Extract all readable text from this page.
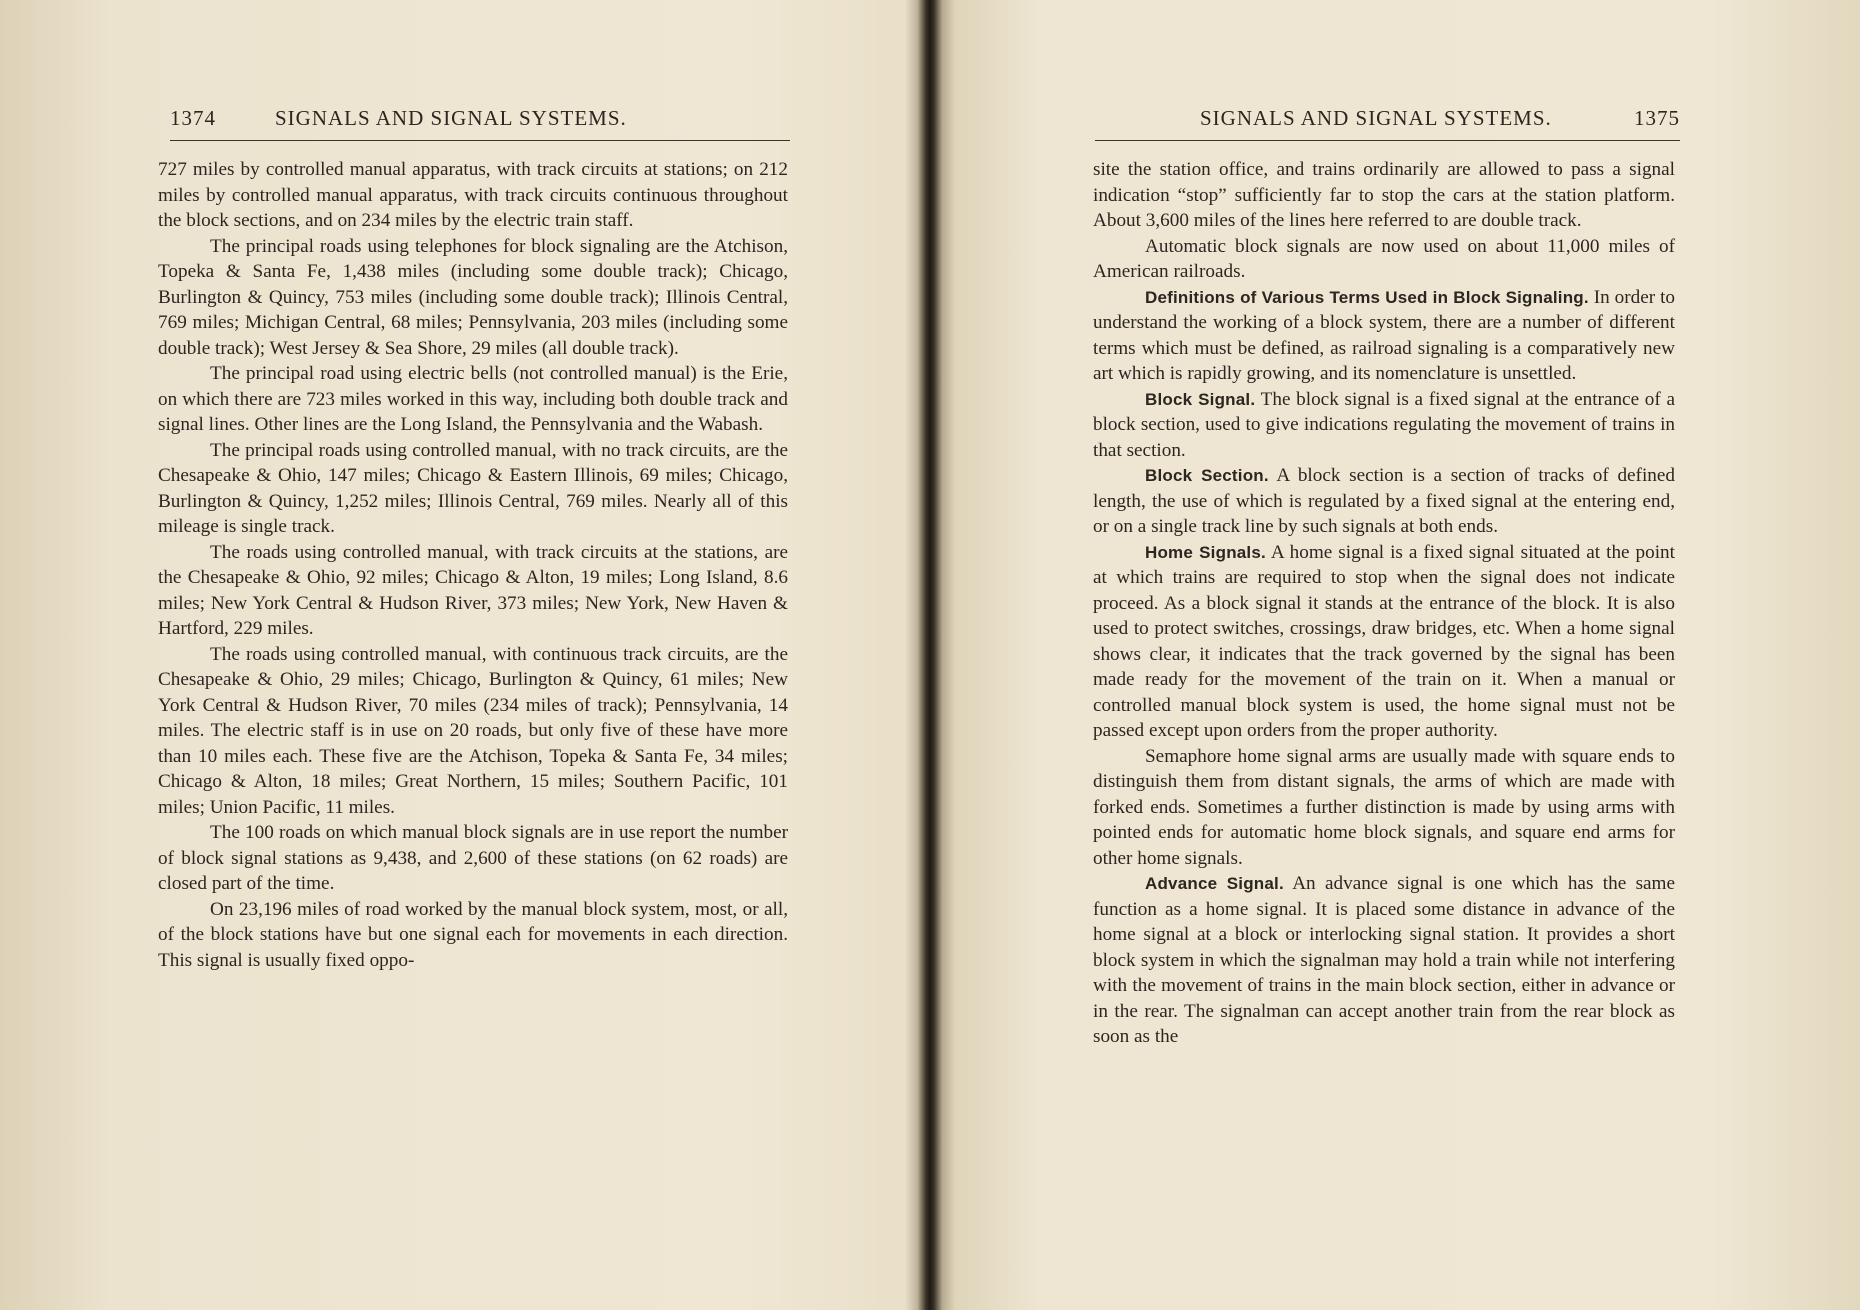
1374	SIGNALS AND SIGNAL SYSTEMS.

727 miles by controlled manual apparatus, with track circuits at stations; on 212 miles by controlled manual apparatus, with track circuits continuous throughout the block sections, and on 234 miles by the electric train staff.

The principal roads using telephones for block signaling are the Atchison, Topeka & Santa Fe, 1,438 miles (including some double track); Chicago, Burlington & Quincy, 753 miles (including some double track); Illinois Central, 769 miles; Michigan Central, 68 miles; Pennsylvania, 203 miles (including some double track); West Jersey & Sea Shore, 29 miles (all double track).

The principal road using electric bells (not controlled manual) is the Erie, on which there are 723 miles worked in this way, including both double track and signal lines. Other lines are the Long Island, the Pennsylvania and the Wabash.

The principal roads using controlled manual, with no track circuits, are the Chesapeake & Ohio, 147 miles; Chicago & Eastern Illinois, 69 miles; Chicago, Burlington & Quincy, 1,252 miles; Illinois Central, 769 miles. Nearly all of this mileage is single track.

The roads using controlled manual, with track circuits at the stations, are the Chesapeake & Ohio, 92 miles; Chicago & Alton, 19 miles; Long Island, 8.6 miles; New York Central & Hudson River, 373 miles; New York, New Haven & Hartford, 229 miles.

The roads using controlled manual, with continuous track circuits, are the Chesapeake & Ohio, 29 miles; Chicago, Burlington & Quincy, 61 miles; New York Central & Hudson River, 70 miles (234 miles of track); Pennsylvania, 14 miles. The electric staff is in use on 20 roads, but only five of these have more than 10 miles each. These five are the Atchison, Topeka & Santa Fe, 34 miles; Chicago & Alton, 18 miles; Great Northern, 15 miles; Southern Pacific, 101 miles; Union Pacific, 11 miles.

The 100 roads on which manual block signals are in use report the number of block signal stations as 9,438, and 2,600 of these stations (on 62 roads) are closed part of the time.

On 23,196 miles of road worked by the manual block system, most, or all, of the block stations have but one signal each for movements in each direction. This signal is usually fixed oppo-

SIGNALS AND SIGNAL SYSTEMS.	1375

site the station office, and trains ordinarily are allowed to pass a signal indication “stop” sufficiently far to stop the cars at the station platform. About 3,600 miles of the lines here referred to are double track.

Automatic block signals are now used on about 11,000 miles of American railroads.

Definitions of Various Terms Used in Block Signaling. In order to understand the working of a block system, there are a number of different terms which must be defined, as railroad signaling is a comparatively new art which is rapidly growing, and its nomenclature is unsettled.

Block Signal. The block signal is a fixed signal at the entrance of a block section, used to give indications regulating the movement of trains in that section.

Block Section. A block section is a section of tracks of defined length, the use of which is regulated by a fixed signal at the entering end, or on a single track line by such signals at both ends.

Home Signals. A home signal is a fixed signal situated at the point at which trains are required to stop when the signal does not indicate proceed. As a block signal it stands at the entrance of the block. It is also used to protect switches, crossings, draw bridges, etc. When a home signal shows clear, it indicates that the track governed by the signal has been made ready for the movement of the train on it. When a manual or controlled manual block system is used, the home signal must not be passed except upon orders from the proper authority.

Semaphore home signal arms are usually made with square ends to distinguish them from distant signals, the arms of which are made with forked ends. Sometimes a further distinction is made by using arms with pointed ends for automatic home block signals, and square end arms for other home signals.

Advance Signal. An advance signal is one which has the same function as a home signal. It is placed some distance in advance of the home signal at a block or interlocking signal station. It provides a short block system in which the signalman may hold a train while not interfering with the movement of trains in the main block section, either in advance or in the rear. The signalman can accept another train from the rear block as soon as the
